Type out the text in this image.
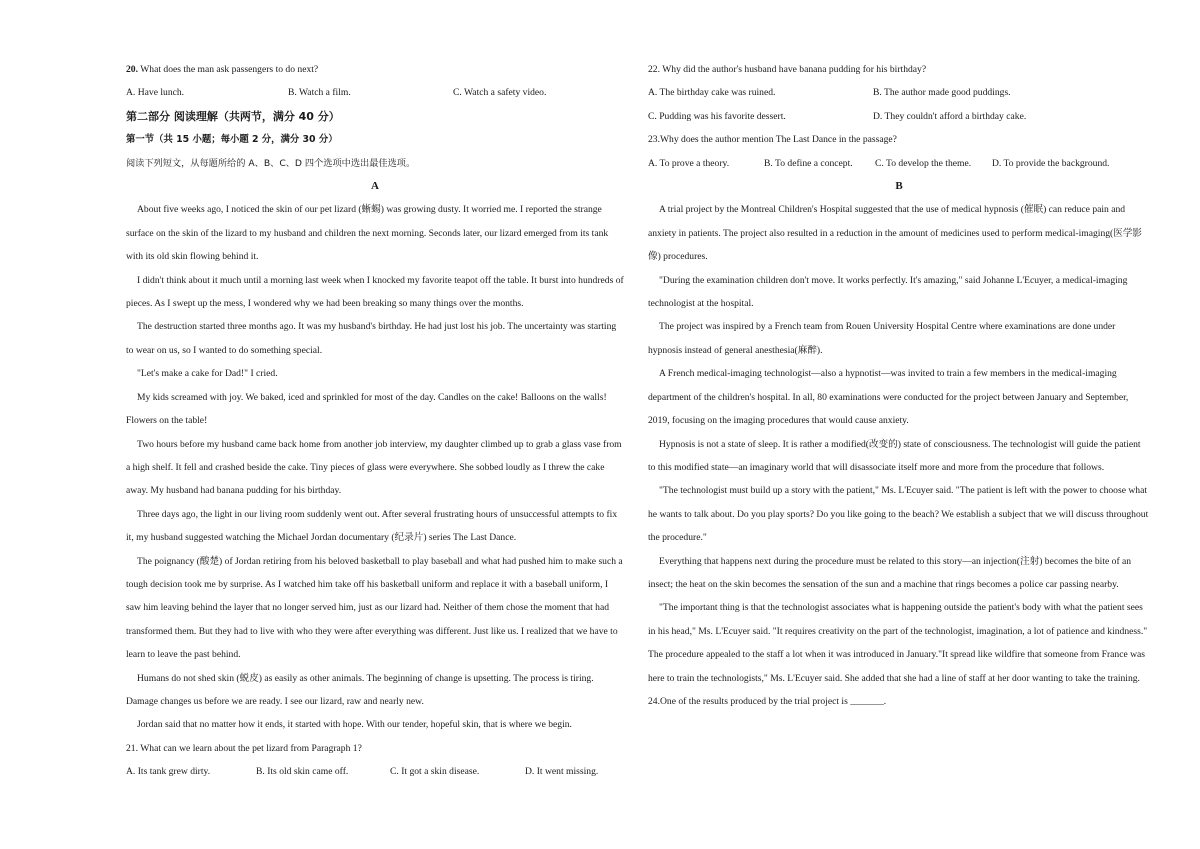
20. What does the man ask passengers to do next?

A. Have lunch.	B. Watch a film.	C. Watch a safety video.

第二部分 阅读理解（共两节，满分 40 分）

第一节（共 15 小题；每小题 2 分，满分 30 分）

阅读下列短文，从每题所给的 A、B、C、D 四个选项中选出最佳选项。

A

About five weeks ago, I noticed the skin of our pet lizard (蜥蜴) was growing dusty. It worried me. I reported the strange surface on the skin of the lizard to my husband and children the next morning. Seconds later, our lizard emerged from its tank with its old skin flowing behind it.

I didn't think about it much until a morning last week when I knocked my favorite teapot off the table. It burst into hundreds of pieces. As I swept up the mess, I wondered why we had been breaking so many things over the months.

The destruction started three months ago. It was my husband's birthday. He had just lost his job. The uncertainty was starting to wear on us, so I wanted to do something special.

"Let's make a cake for Dad!" I cried.

My kids screamed with joy. We baked, iced and sprinkled for most of the day. Candles on the cake! Balloons on the walls! Flowers on the table!

Two hours before my husband came back home from another job interview, my daughter climbed up to grab a glass vase from a high shelf. It fell and crashed beside the cake. Tiny pieces of glass were everywhere. She sobbed loudly as I threw the cake away. My husband had banana pudding for his birthday.

Three days ago, the light in our living room suddenly went out. After several frustrating hours of unsuccessful attempts to fix it, my husband suggested watching the Michael Jordan documentary (纪录片) series The Last Dance.

The poignancy (酸楚) of Jordan retiring from his beloved basketball to play baseball and what had pushed him to make such a tough decision took me by surprise. As I watched him take off his basketball uniform and replace it with a baseball uniform, I saw him leaving behind the layer that no longer served him, just as our lizard had. Neither of them chose the moment that had transformed them. But they had to live with who they were after everything was different. Just like us. I realized that we have to learn to leave the past behind.

Humans do not shed skin (蜕皮) as easily as other animals. The beginning of change is upsetting. The process is tiring. Damage changes us before we are ready. I see our lizard, raw and nearly new.

Jordan said that no matter how it ends, it started with hope. With our tender, hopeful skin, that is where we begin.

21. What can we learn about the pet lizard from Paragraph 1?

A. Its tank grew dirty.	B. Its old skin came off.	C. It got a skin disease.	D. It went missing.

22. Why did the author's husband have banana pudding for his birthday?

A. The birthday cake was ruined.	B. The author made good puddings.
C. Pudding was his favorite dessert.	D. They couldn't afford a birthday cake.

23.Why does the author mention The Last Dance in the passage?

A. To prove a theory.	B. To define a concept.	C. To develop the theme.	D. To provide the background.

B

A trial project by the Montreal Children's Hospital suggested that the use of medical hypnosis (催眠) can reduce pain and anxiety in patients. The project also resulted in a reduction in the amount of medicines used to perform medical-imaging(医学影像) procedures.

"During the examination children don't move. It works perfectly. It's amazing," said Johanne L'Ecuyer, a medical-imaging technologist at the hospital.

The project was inspired by a French team from Rouen University Hospital Centre where examinations are done under hypnosis instead of general anesthesia(麻醉).

A French medical-imaging technologist—also a hypnotist—was invited to train a few members in the medical-imaging department of the children's hospital. In all, 80 examinations were conducted for the project between January and September, 2019, focusing on the imaging procedures that would cause anxiety.

Hypnosis is not a state of sleep. It is rather a modified(改变的) state of consciousness. The technologist will guide the patient to this modified state—an imaginary world that will disassociate itself more and more from the procedure that follows.

"The technologist must build up a story with the patient," Ms. L'Ecuyer said. "The patient is left with the power to choose what he wants to talk about. Do you play sports? Do you like going to the beach? We establish a subject that we will discuss throughout the procedure."

Everything that happens next during the procedure must be related to this story—an injection(注射) becomes the bite of an insect; the heat on the skin becomes the sensation of the sun and a machine that rings becomes a police car passing nearby.

"The important thing is that the technologist associates what is happening outside the patient's body with what the patient sees in his head," Ms. L'Ecuyer said. "It requires creativity on the part of the technologist, imagination, a lot of patience and kindness." The procedure appealed to the staff a lot when it was introduced in January."It spread like wildfire that someone from France was here to train the technologists," Ms. L'Ecuyer said. She added that she had a line of staff at her door wanting to take the training.

24.One of the results produced by the trial project is _______.
